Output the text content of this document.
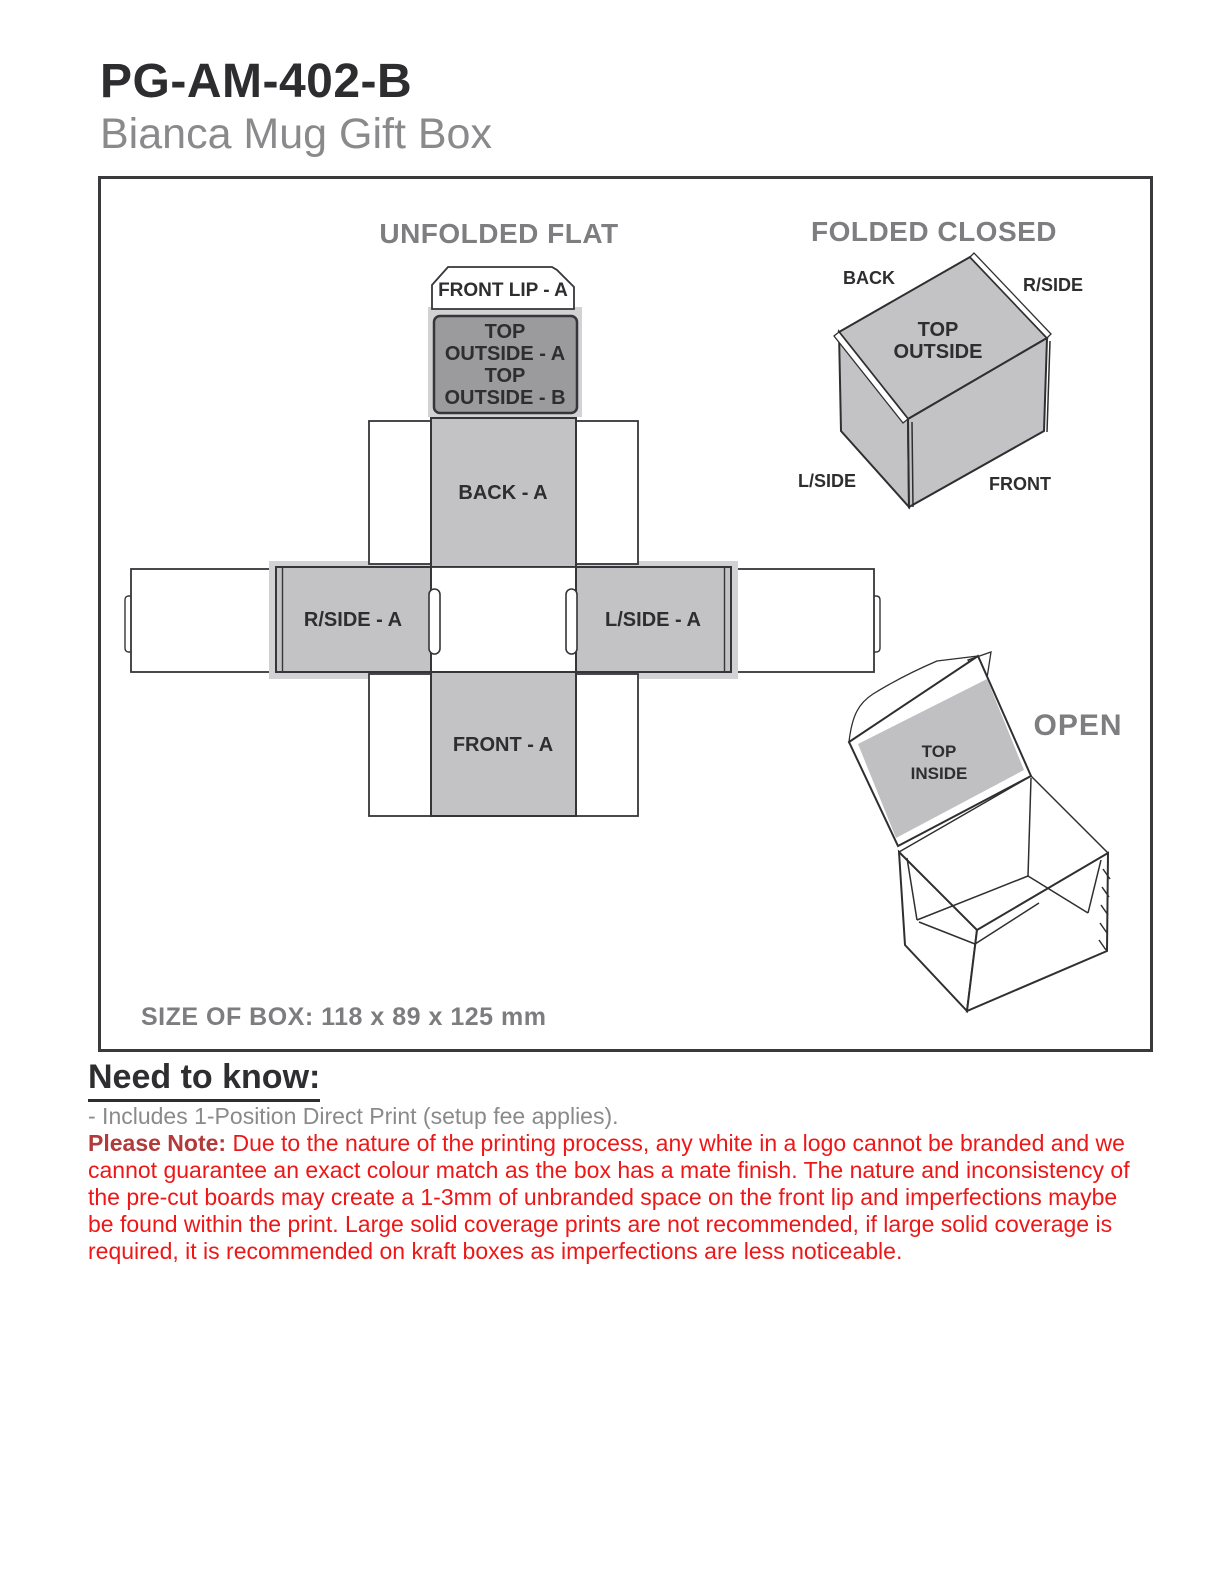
PG-AM-402-B
Bianca Mug Gift Box
UNFOLDED FLAT	FOLDED CLOSED
FRONT LIP - A
TOP
OUTSIDE - A
TOP
OUTSIDE - B
BACK - A
R/SIDE - A	L/SIDE - A
FRONT - A
BACK	R/SIDE
TOP
OUTSIDE
L/SIDE	FRONT
TOP
INSIDE
OPEN
SIZE OF BOX: 118 x 89 x 125 mm
Need to know:
- Includes 1-Position Direct Print (setup fee applies).
Please Note: Due to the nature of the printing process, any white in a logo cannot be branded and we cannot guarantee an exact colour match as the box has a mate finish. The nature and inconsistency of the pre-cut boards may create a 1-3mm of unbranded space on the front lip and imperfections maybe be found within the print. Large solid coverage prints are not recommended, if large solid coverage is required, it is recommended on kraft boxes as imperfections are less noticeable.
